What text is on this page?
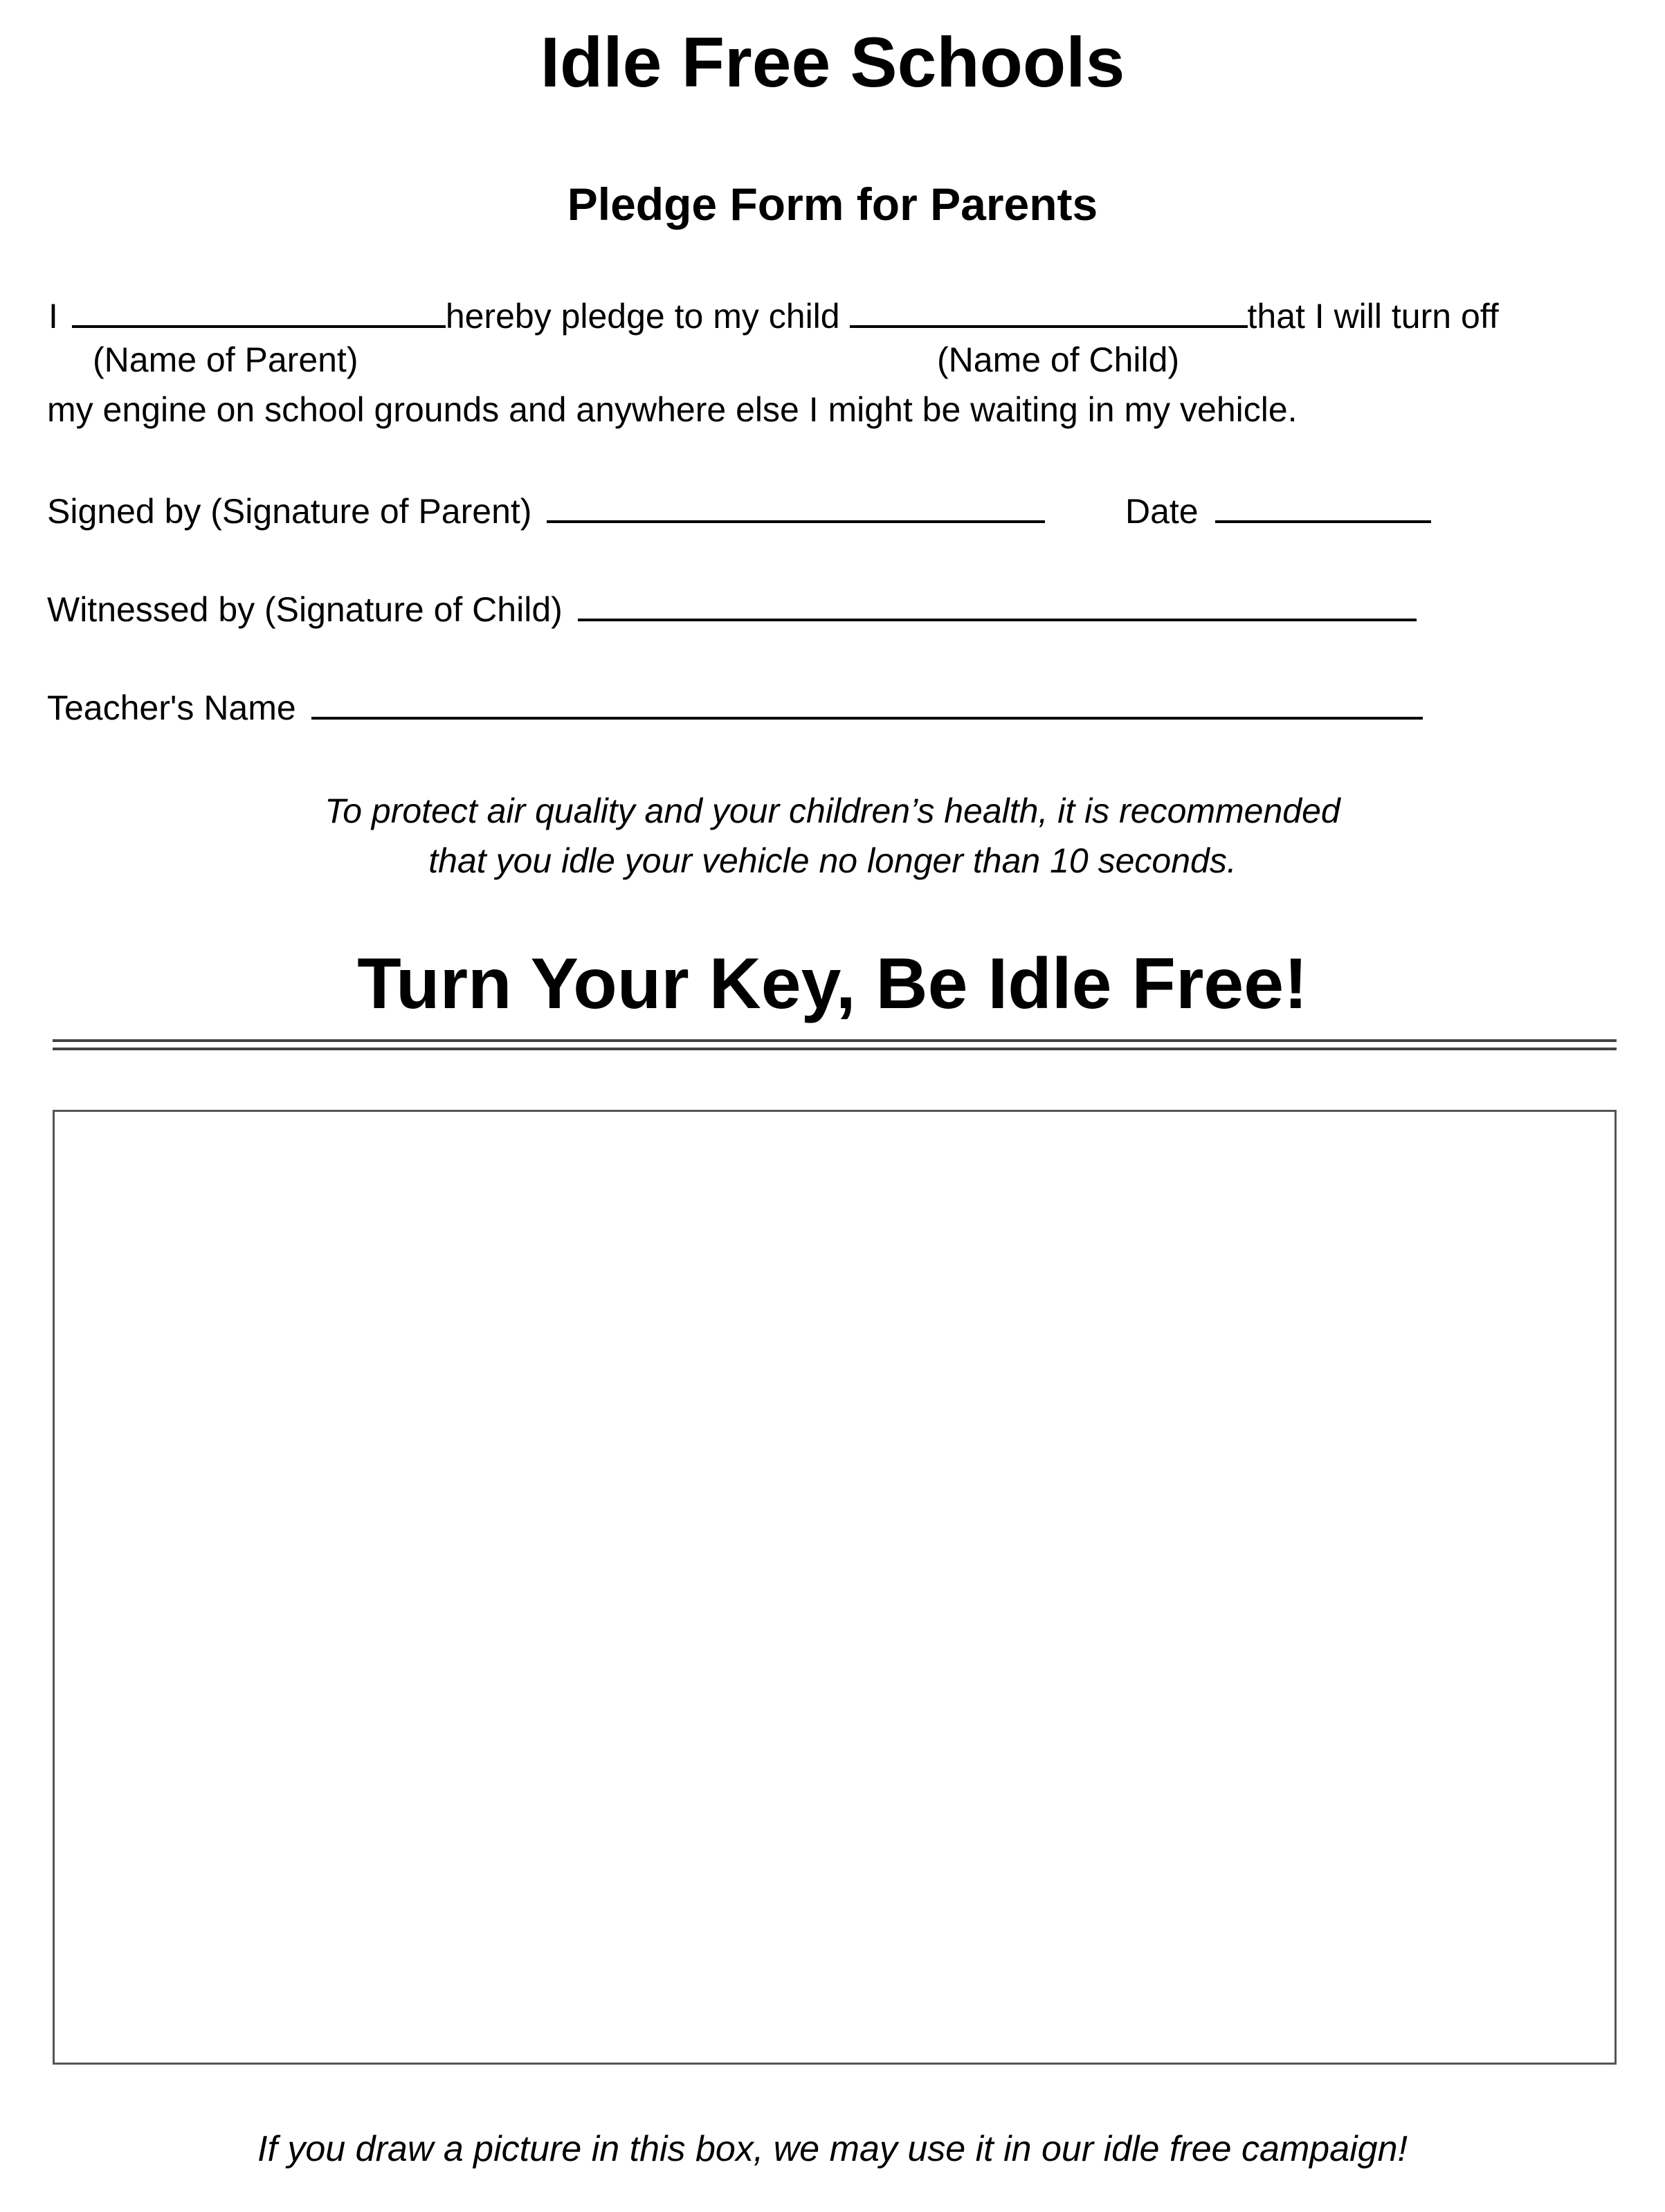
Idle Free Schools
Pledge Form for Parents
I	hereby pledge to my child	that I will turn off
(Name of Parent)	(Name of Child)
my engine on school grounds and anywhere else I might be waiting in my vehicle.
Signed by (Signature of Parent)	Date
Witnessed by (Signature of Child)
Teacher's Name
To protect air quality and your children’s health, it is recommended
that you idle your vehicle no longer than 10 seconds.
Turn Your Key, Be Idle Free!
If you draw a picture in this box, we may use it in our idle free campaign!
